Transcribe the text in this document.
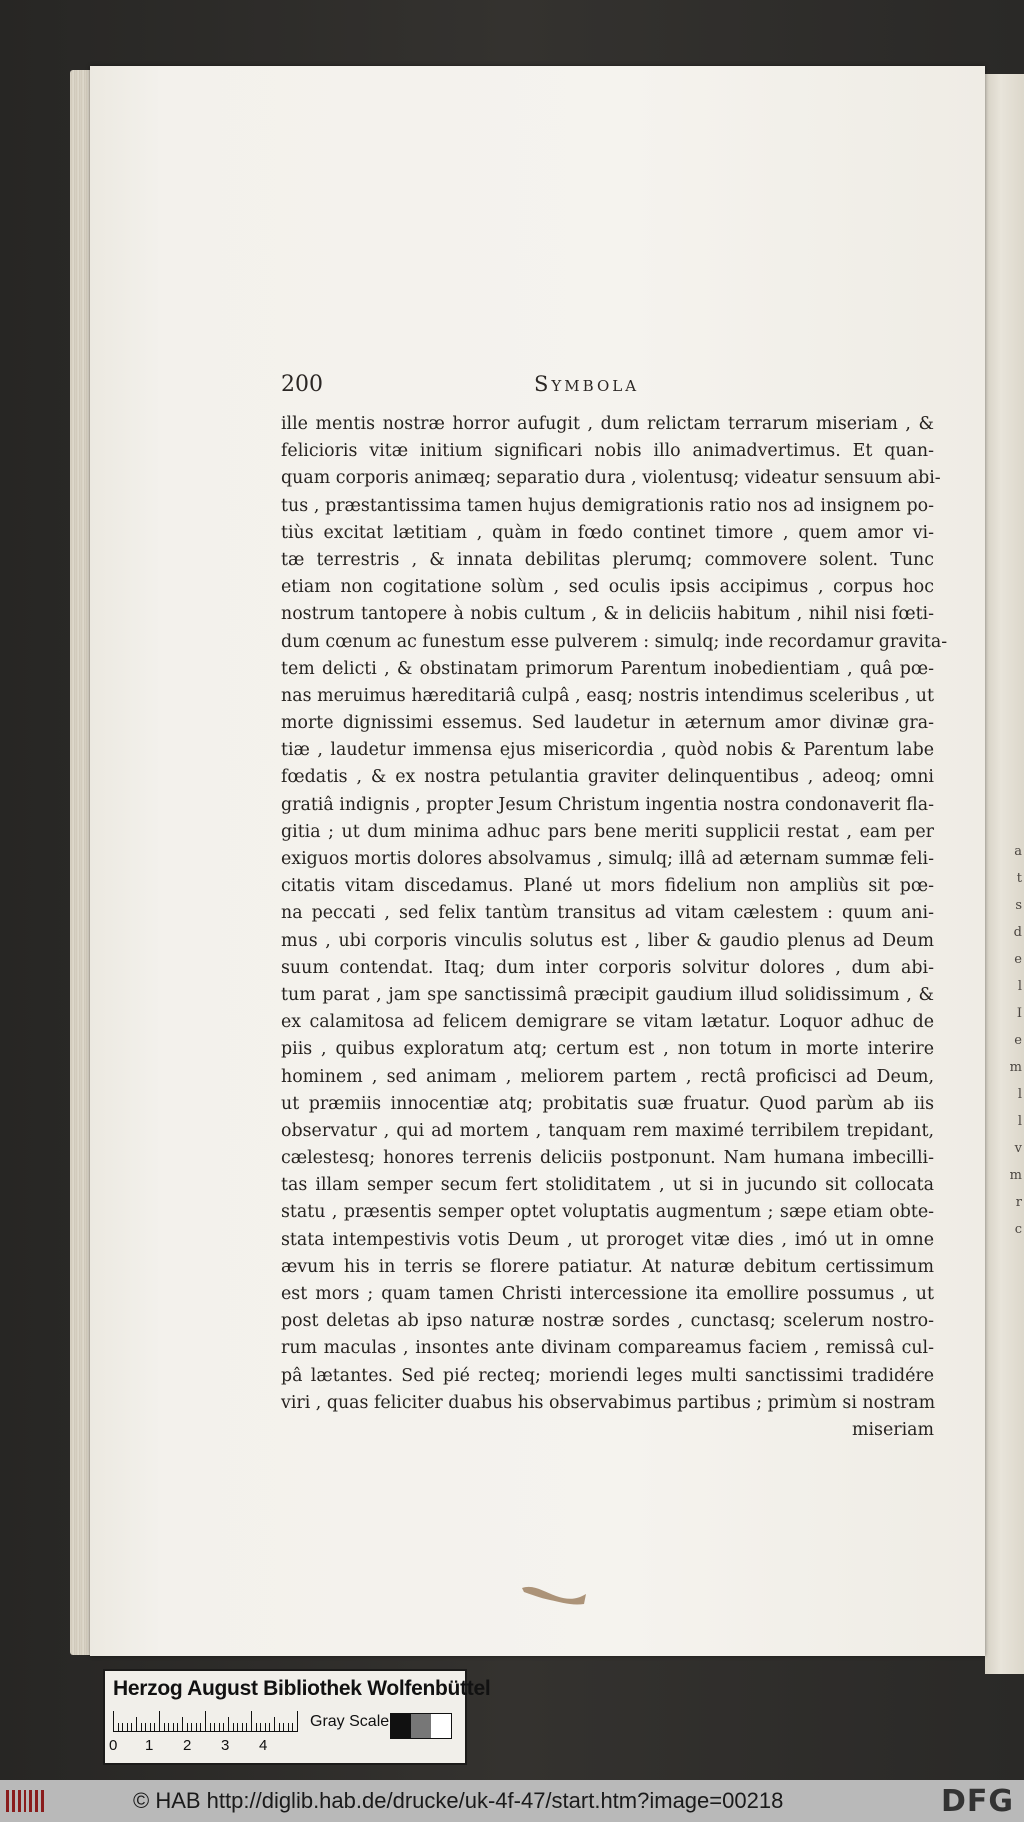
a
t
s
d
e
l
I
e
m
l
l
v
m
r
c
200	Symbola
ille mentis nostræ horror aufugit , dum relictam terrarum miseriam , &
felicioris vitæ initium significari nobis illo animadvertimus. Et quan-
quam corporis animæq; separatio dura , violentusq; videatur sensuum abi-
tus , præstantissima tamen hujus demigrationis ratio nos ad insignem po-
tiùs excitat lætitiam , quàm in fœdo continet timore , quem amor vi-
tæ terrestris , & innata debilitas plerumq; commovere solent. Tunc
etiam non cogitatione solùm , sed oculis ipsis accipimus , corpus hoc
nostrum tantopere à nobis cultum , & in deliciis habitum , nihil nisi fœti-
dum cœnum ac funestum esse pulverem : simulq; inde recordamur gravita-
tem delicti , & obstinatam primorum Parentum inobedientiam , quâ pœ-
nas meruimus hæreditariâ culpâ , easq; nostris intendimus sceleribus , ut
morte dignissimi essemus. Sed laudetur in æternum amor divinæ gra-
tiæ , laudetur immensa ejus misericordia , quòd nobis & Parentum labe
fœdatis , & ex nostra petulantia graviter delinquentibus , adeoq; omni
gratiâ indignis , propter Jesum Christum ingentia nostra condonaverit fla-
gitia ; ut dum minima adhuc pars bene meriti supplicii restat , eam per
exiguos mortis dolores absolvamus , simulq; illâ ad æternam summæ feli-
citatis vitam discedamus. Plané ut mors fidelium non ampliùs sit pœ-
na peccati , sed felix tantùm transitus ad vitam cælestem : quum ani-
mus , ubi corporis vinculis solutus est , liber & gaudio plenus ad Deum
suum contendat. Itaq; dum inter corporis solvitur dolores , dum abi-
tum parat , jam spe sanctissimâ præcipit gaudium illud solidissimum , &
ex calamitosa ad felicem demigrare se vitam lætatur. Loquor adhuc de
piis , quibus exploratum atq; certum est , non totum in morte interire
hominem , sed animam , meliorem partem , rectâ proficisci ad Deum,
ut præmiis innocentiæ atq; probitatis suæ fruatur. Quod parùm ab iis
observatur , qui ad mortem , tanquam rem maximé terribilem trepidant,
cælestesq; honores terrenis deliciis postponunt. Nam humana imbecilli-
tas illam semper secum fert stoliditatem , ut si in jucundo sit collocata
statu , præsentis semper optet voluptatis augmentum ; sæpe etiam obte-
stata intempestivis votis Deum , ut proroget vitæ dies , imó ut in omne
ævum his in terris se florere patiatur. At naturæ debitum certissimum
est mors ; quam tamen Christi intercessione ita emollire possumus , ut
post deletas ab ipso naturæ nostræ sordes , cunctasq; scelerum nostro-
rum maculas , insontes ante divinam compareamus faciem , remissâ cul-
pâ lætantes. Sed pié recteq; moriendi leges multi sanctissimi tradidére
viri , quas feliciter duabus his observabimus partibus ; primùm si nostram
miseriam
Herzog August Bibliothek Wolfenbüttel
0 1 2 3 4
Gray Scale
© HAB http://diglib.hab.de/drucke/uk-4f-47/start.htm?image=00218	DFG
